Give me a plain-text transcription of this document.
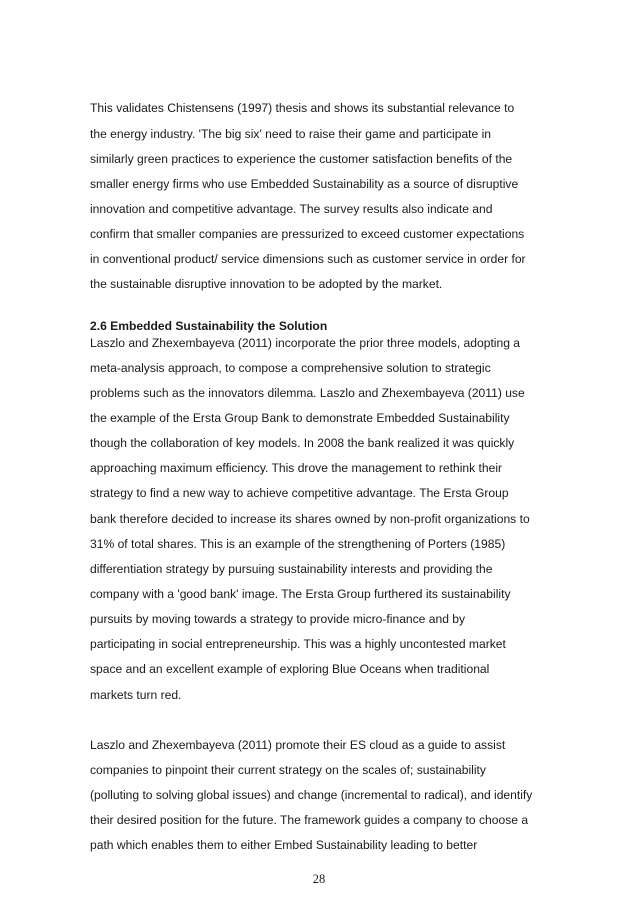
This validates Chistensens (1997) thesis and shows its substantial relevance to

the energy industry. 'The big six' need to raise their game and participate in

similarly green practices to experience the customer satisfaction benefits of the

smaller energy firms who use Embedded Sustainability as a source of disruptive

innovation and competitive advantage. The survey results also indicate and

confirm that smaller companies are pressurized to exceed customer expectations

in conventional product/ service dimensions such as customer service in order for

the sustainable disruptive innovation to be adopted by the market.

2.6 Embedded Sustainability the Solution

Laszlo and Zhexembayeva (2011) incorporate the prior three models, adopting a

meta-analysis approach, to compose a comprehensive solution to strategic

problems such as the innovators dilemma. Laszlo and Zhexembayeva (2011) use

the example of the Ersta Group Bank to demonstrate Embedded Sustainability

though the collaboration of key models. In 2008 the bank realized it was quickly

approaching maximum efficiency. This drove the management to rethink their

strategy to find a new way to achieve competitive advantage. The Ersta Group

bank therefore decided to increase its shares owned by non-profit organizations to

31% of total shares. This is an example of the strengthening of Porters (1985)

differentiation strategy by pursuing sustainability interests and providing the

company with a 'good bank' image. The Ersta Group furthered its sustainability

pursuits by moving towards a strategy to provide micro-finance and by

participating in social entrepreneurship. This was a highly uncontested market

space and an excellent example of exploring Blue Oceans when traditional

markets turn red.

Laszlo and Zhexembayeva (2011) promote their ES cloud as a guide to assist

companies to pinpoint their current strategy on the scales of; sustainability

(polluting to solving global issues) and change (incremental to radical), and identify

their desired position for the future. The framework guides a company to choose a

path which enables them to either Embed Sustainability leading to better

28
